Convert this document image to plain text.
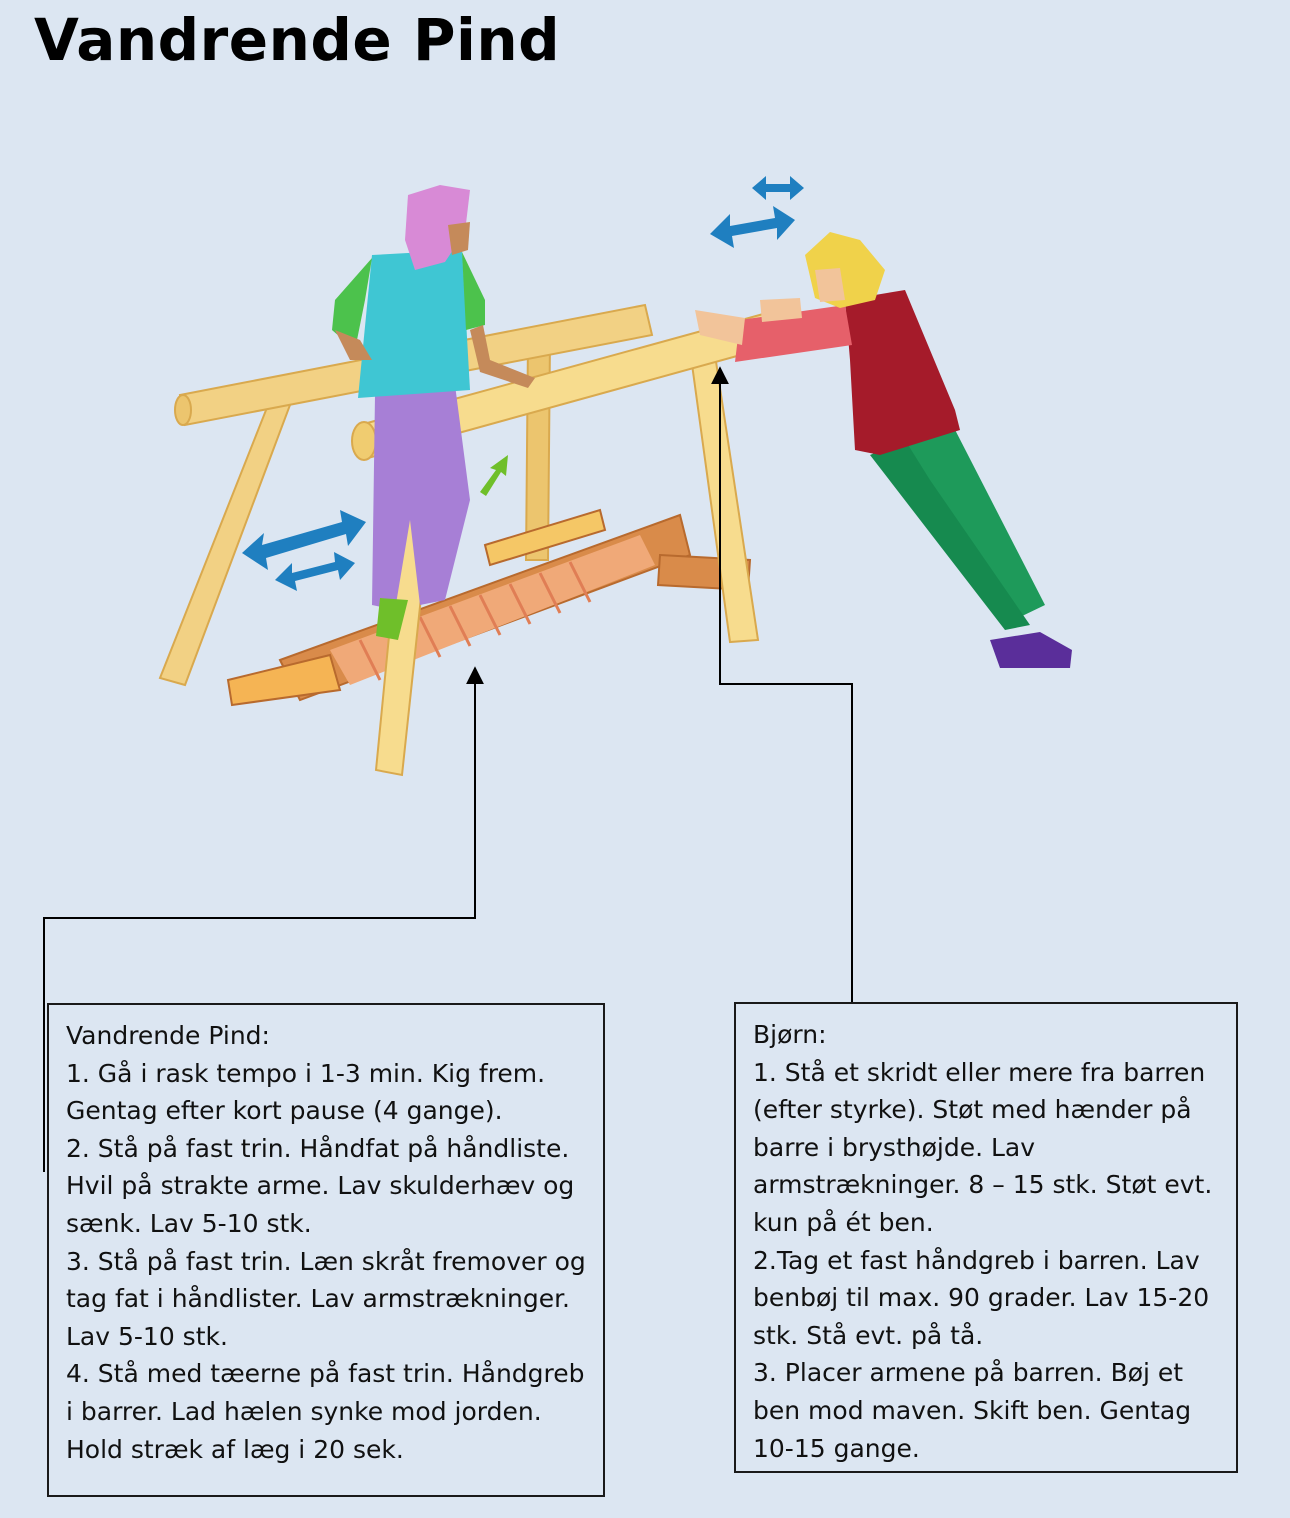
Vandrende Pind
Vandrende Pind:
1. Gå i rask tempo i 1-3 min. Kig frem.
Gentag efter kort pause (4 gange).
2. Stå på fast trin. Håndfat på håndliste.
Hvil på strakte arme. Lav skulderhæv og
sænk. Lav 5-10 stk.
3. Stå på fast trin. Læn skråt fremover og
tag fat i håndlister. Lav armstrækninger.
Lav 5-10 stk.
4. Stå med tæerne på fast trin. Håndgreb
i barrer. Lad hælen synke mod jorden.
Hold stræk af læg i 20 sek.
Bjørn:
1. Stå et skridt eller mere fra barren
(efter styrke). Støt med hænder på
barre i brysthøjde. Lav
armstrækninger. 8 – 15 stk. Støt evt.
kun på ét ben.
2.Tag et fast håndgreb i barren. Lav
benbøj til max. 90 grader. Lav 15-20
stk. Stå evt. på tå.
3. Placer armene på barren. Bøj et
ben mod maven. Skift ben. Gentag
10-15 gange.
